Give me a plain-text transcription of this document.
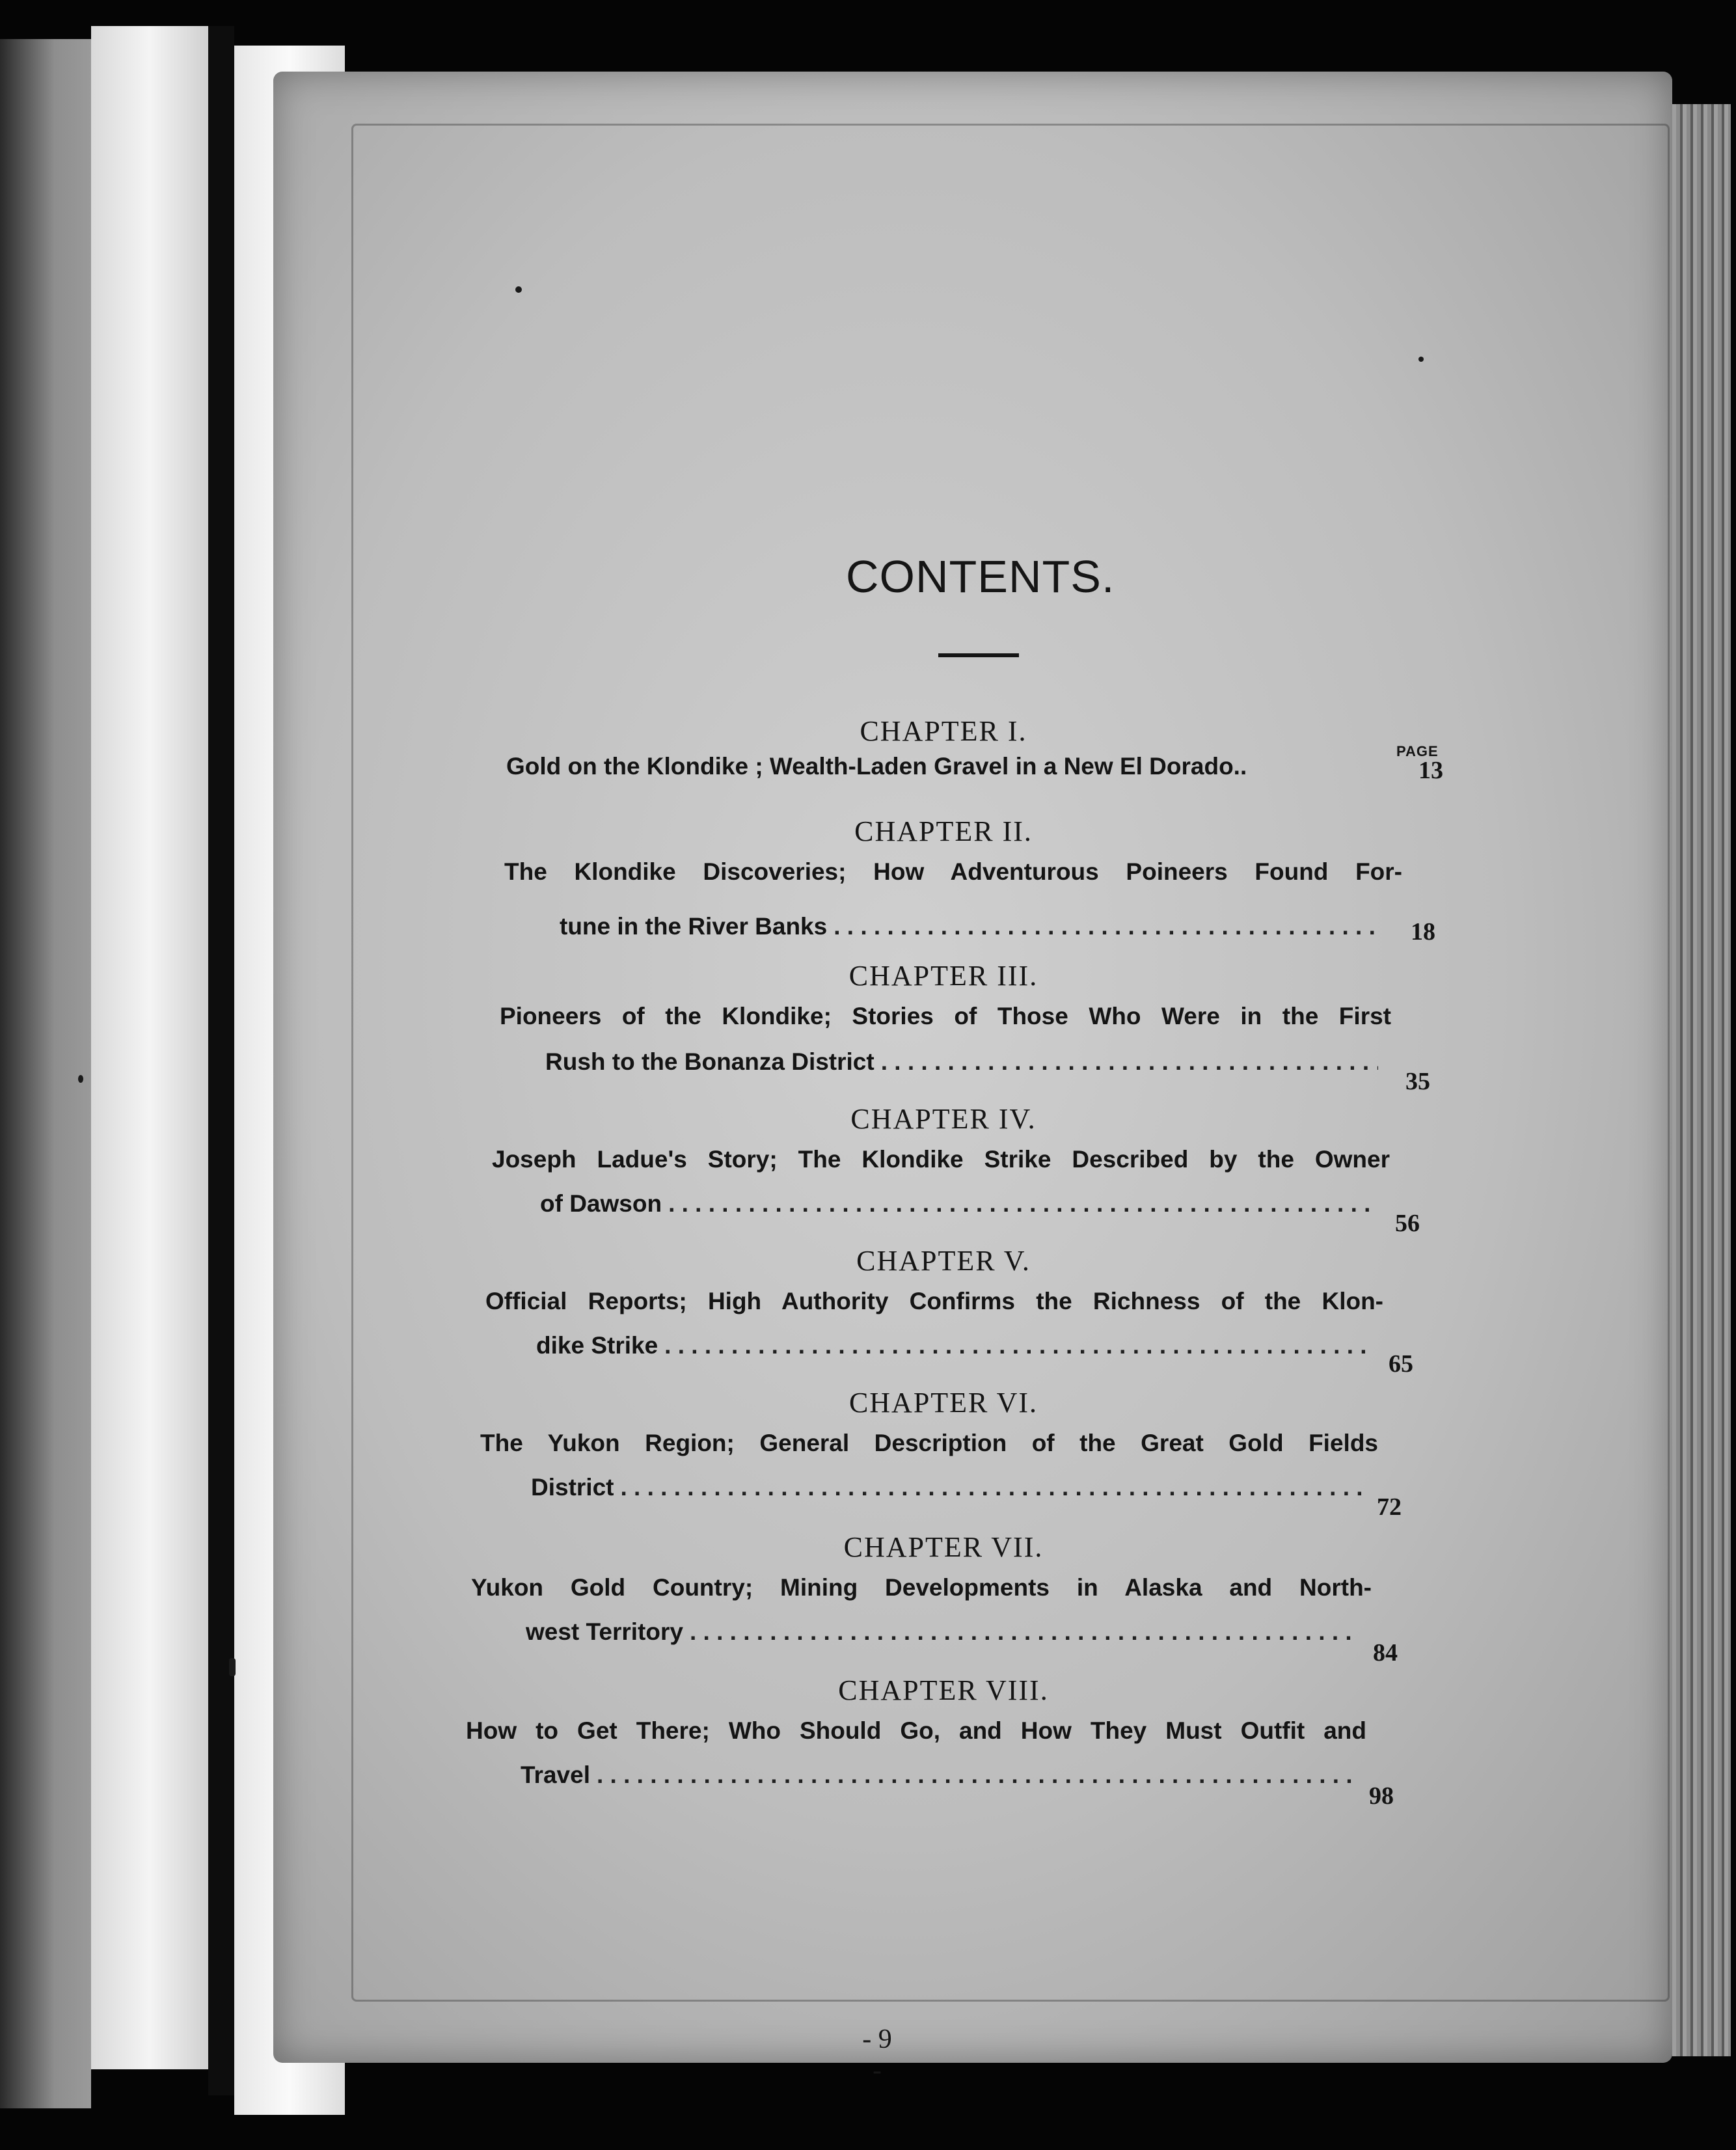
CONTENTS.
PAGE
CHAPTER I.
Gold on the Klondike ; Wealth-Laden Gravel in a New El Dorado..	13
CHAPTER II.
The Klondike Discoveries; How Adventurous Poineers Found For-
tune in the River Banks
. . .	18
CHAPTER III.
Pioneers of the Klondike; Stories of Those Who Were in the First
Rush to the Bonanza District
. . .
35
CHAPTER IV.
Joseph Ladue's Story; The Klondike Strike Described by the Owner
of Dawson
. . .
56
CHAPTER V.
Official Reports; High Authority Confirms the Richness of the Klon-
dike Strike
. . .
65
CHAPTER VI.
The Yukon Region; General Description of the Great Gold Fields
District
. . .
72
CHAPTER VII.
Yukon Gold Country; Mining Developments in Alaska and North-
west Territory
. . .
84
CHAPTER VIII.
How to Get There; Who Should Go, and How They Must Outfit and
Travel
. . .
98
- 9 -
